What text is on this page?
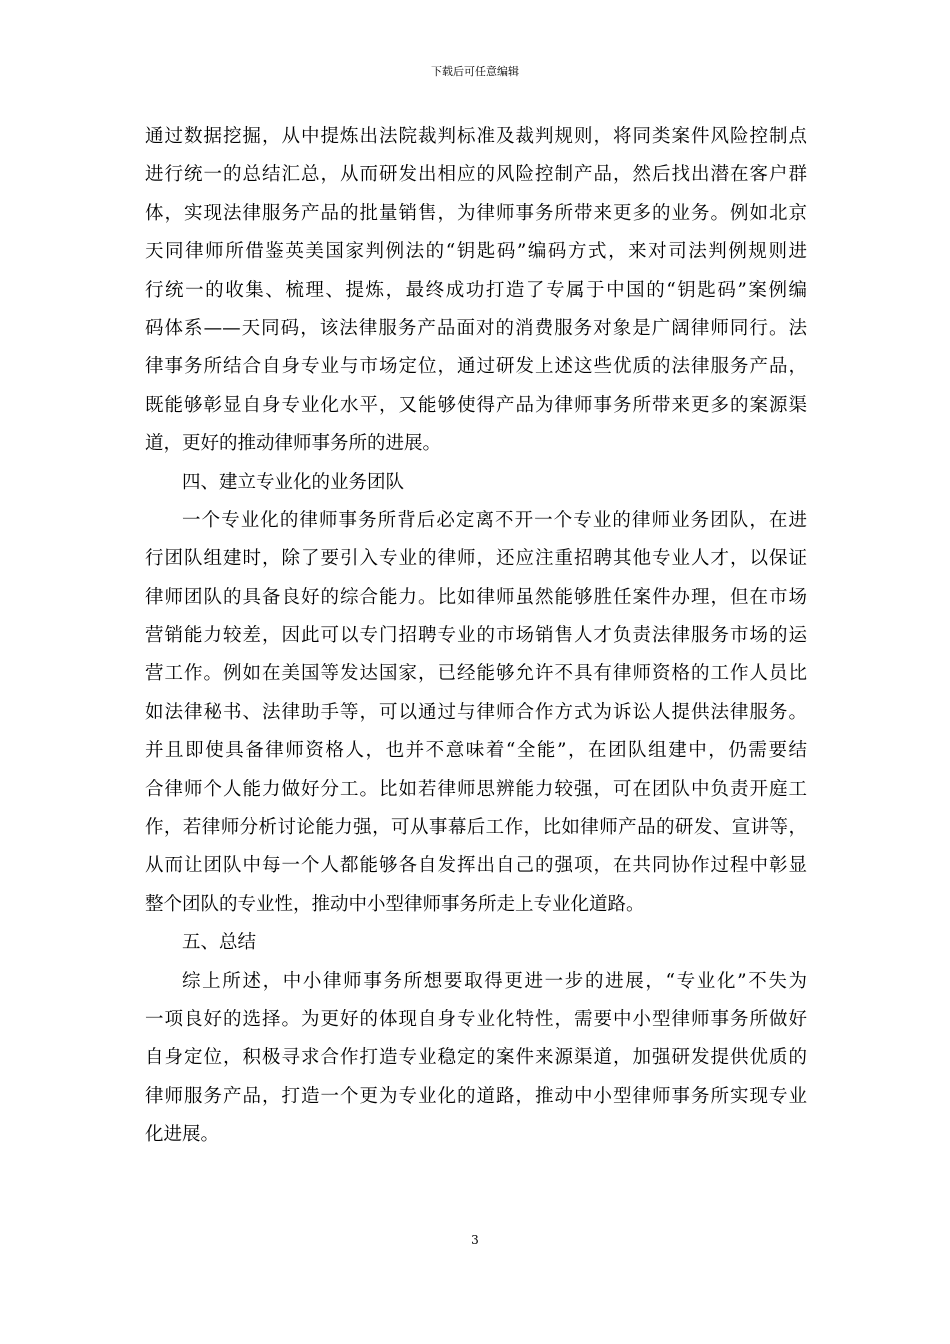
下载后可任意编辑
通过数据挖掘，从中提炼出法院裁判标准及裁判规则，将同类案件风险控制点
进行统一的总结汇总，从而研发出相应的风险控制产品，然后找出潜在客户群
体，实现法律服务产品的批量销售，为律师事务所带来更多的业务。例如北京
天同律师所借鉴英美国家判例法的“钥匙码”编码方式，来对司法判例规则进
行统一的收集、梳理、提炼，最终成功打造了专属于中国的“钥匙码”案例编
码体系——天同码，该法律服务产品面对的消费服务对象是广阔律师同行。法
律事务所结合自身专业与市场定位，通过研发上述这些优质的法律服务产品，
既能够彰显自身专业化水平，又能够使得产品为律师事务所带来更多的案源渠
道，更好的推动律师事务所的进展。
四、建立专业化的业务团队
一个专业化的律师事务所背后必定离不开一个专业的律师业务团队，在进
行团队组建时，除了要引入专业的律师，还应注重招聘其他专业人才，以保证
律师团队的具备良好的综合能力。比如律师虽然能够胜任案件办理，但在市场
营销能力较差，因此可以专门招聘专业的市场销售人才负责法律服务市场的运
营工作。例如在美国等发达国家，已经能够允许不具有律师资格的工作人员比
如法律秘书、法律助手等，可以通过与律师合作方式为诉讼人提供法律服务。
并且即使具备律师资格人，也并不意味着“全能”，在团队组建中，仍需要结
合律师个人能力做好分工。比如若律师思辨能力较强，可在团队中负责开庭工
作，若律师分析讨论能力强，可从事幕后工作，比如律师产品的研发、宣讲等，
从而让团队中每一个人都能够各自发挥出自己的强项，在共同协作过程中彰显
整个团队的专业性，推动中小型律师事务所走上专业化道路。
五、总结
综上所述，中小律师事务所想要取得更进一步的进展，“专业化”不失为
一项良好的选择。为更好的体现自身专业化特性，需要中小型律师事务所做好
自身定位，积极寻求合作打造专业稳定的案件来源渠道，加强研发提供优质的
律师服务产品，打造一个更为专业化的道路，推动中小型律师事务所实现专业
化进展。
3
